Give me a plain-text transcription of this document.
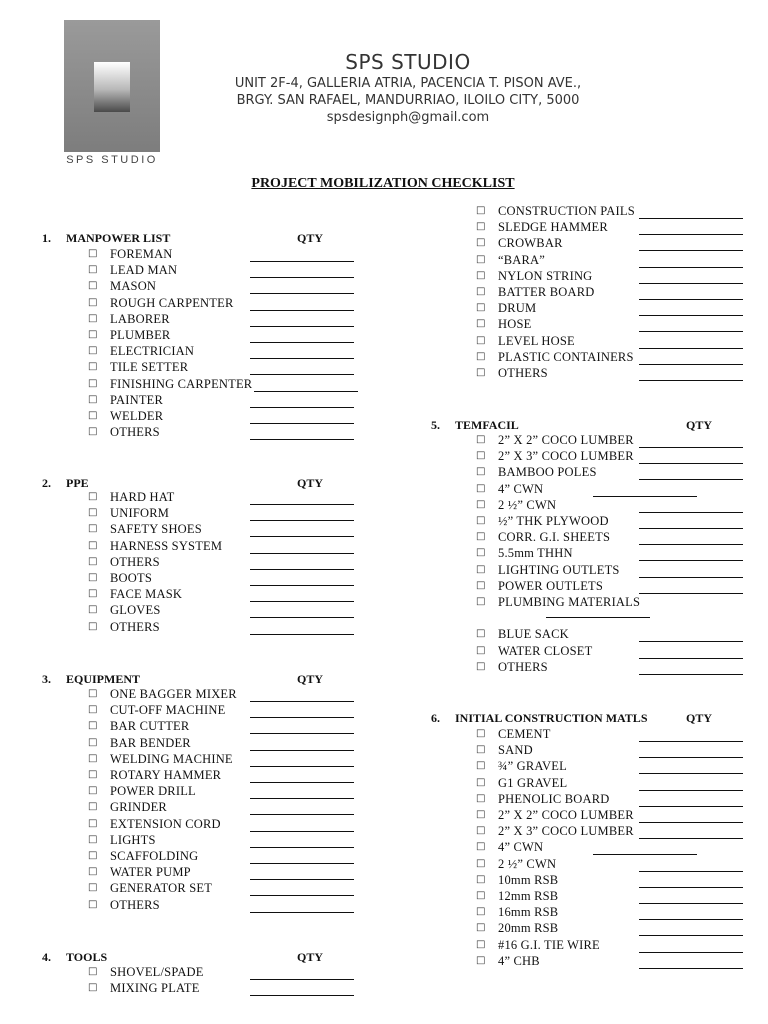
SPS STUDIO
SPS STUDIO
UNIT 2F-4, GALLERIA ATRIA, PACENCIA T. PISON AVE.,
BRGY. SAN RAFAEL, MANDURRIAO, ILOILO CITY, 5000
spsdesignph@gmail.com
PROJECT MOBILIZATION CHECKLIST
1. MANPOWER LIST	QTY
□ FOREMAN
□ LEAD MAN
□ MASON
□ ROUGH CARPENTER
□ LABORER
□ PLUMBER
□ ELECTRICIAN
□ TILE SETTER
□ FINISHING CARPENTER
□ PAINTER
□ WELDER
□ OTHERS
2. PPE	QTY
□ HARD HAT
□ UNIFORM
□ SAFETY SHOES
□ HARNESS SYSTEM
□ OTHERS
□ BOOTS
□ FACE MASK
□ GLOVES
□ OTHERS
3. EQUIPMENT	QTY
□ ONE BAGGER MIXER
□ CUT-OFF MACHINE
□ BAR CUTTER
□ BAR BENDER
□ WELDING MACHINE
□ ROTARY HAMMER
□ POWER DRILL
□ GRINDER
□ EXTENSION CORD
□ LIGHTS
□ SCAFFOLDING
□ WATER PUMP
□ GENERATOR SET
□ OTHERS
4. TOOLS	QTY
□ SHOVEL/SPADE
□ MIXING PLATE
□ CONSTRUCTION PAILS
□ SLEDGE HAMMER
□ CROWBAR
□ “BARA”
□ NYLON STRING
□ BATTER BOARD
□ DRUM
□ HOSE
□ LEVEL HOSE
□ PLASTIC CONTAINERS
□ OTHERS
5. TEMFACIL	QTY
□ 2” X 2” COCO LUMBER
□ 2” X 3” COCO LUMBER
□ BAMBOO POLES
□ 4” CWN
□ 2 ½” CWN
□ ½” THK PLYWOOD
□ CORR. G.I. SHEETS
□ 5.5mm THHN
□ LIGHTING OUTLETS
□ POWER OUTLETS
□ PLUMBING MATERIALS
□ BLUE SACK
□ WATER CLOSET
□ OTHERS
6. INITIAL CONSTRUCTION MATLS	QTY
□ CEMENT
□ SAND
□ ¾” GRAVEL
□ G1 GRAVEL
□ PHENOLIC BOARD
□ 2” X 2” COCO LUMBER
□ 2” X 3” COCO LUMBER
□ 4” CWN
□ 2 ½” CWN
□ 10mm RSB
□ 12mm RSB
□ 16mm RSB
□ 20mm RSB
□ #16 G.I. TIE WIRE
□ 4” CHB
